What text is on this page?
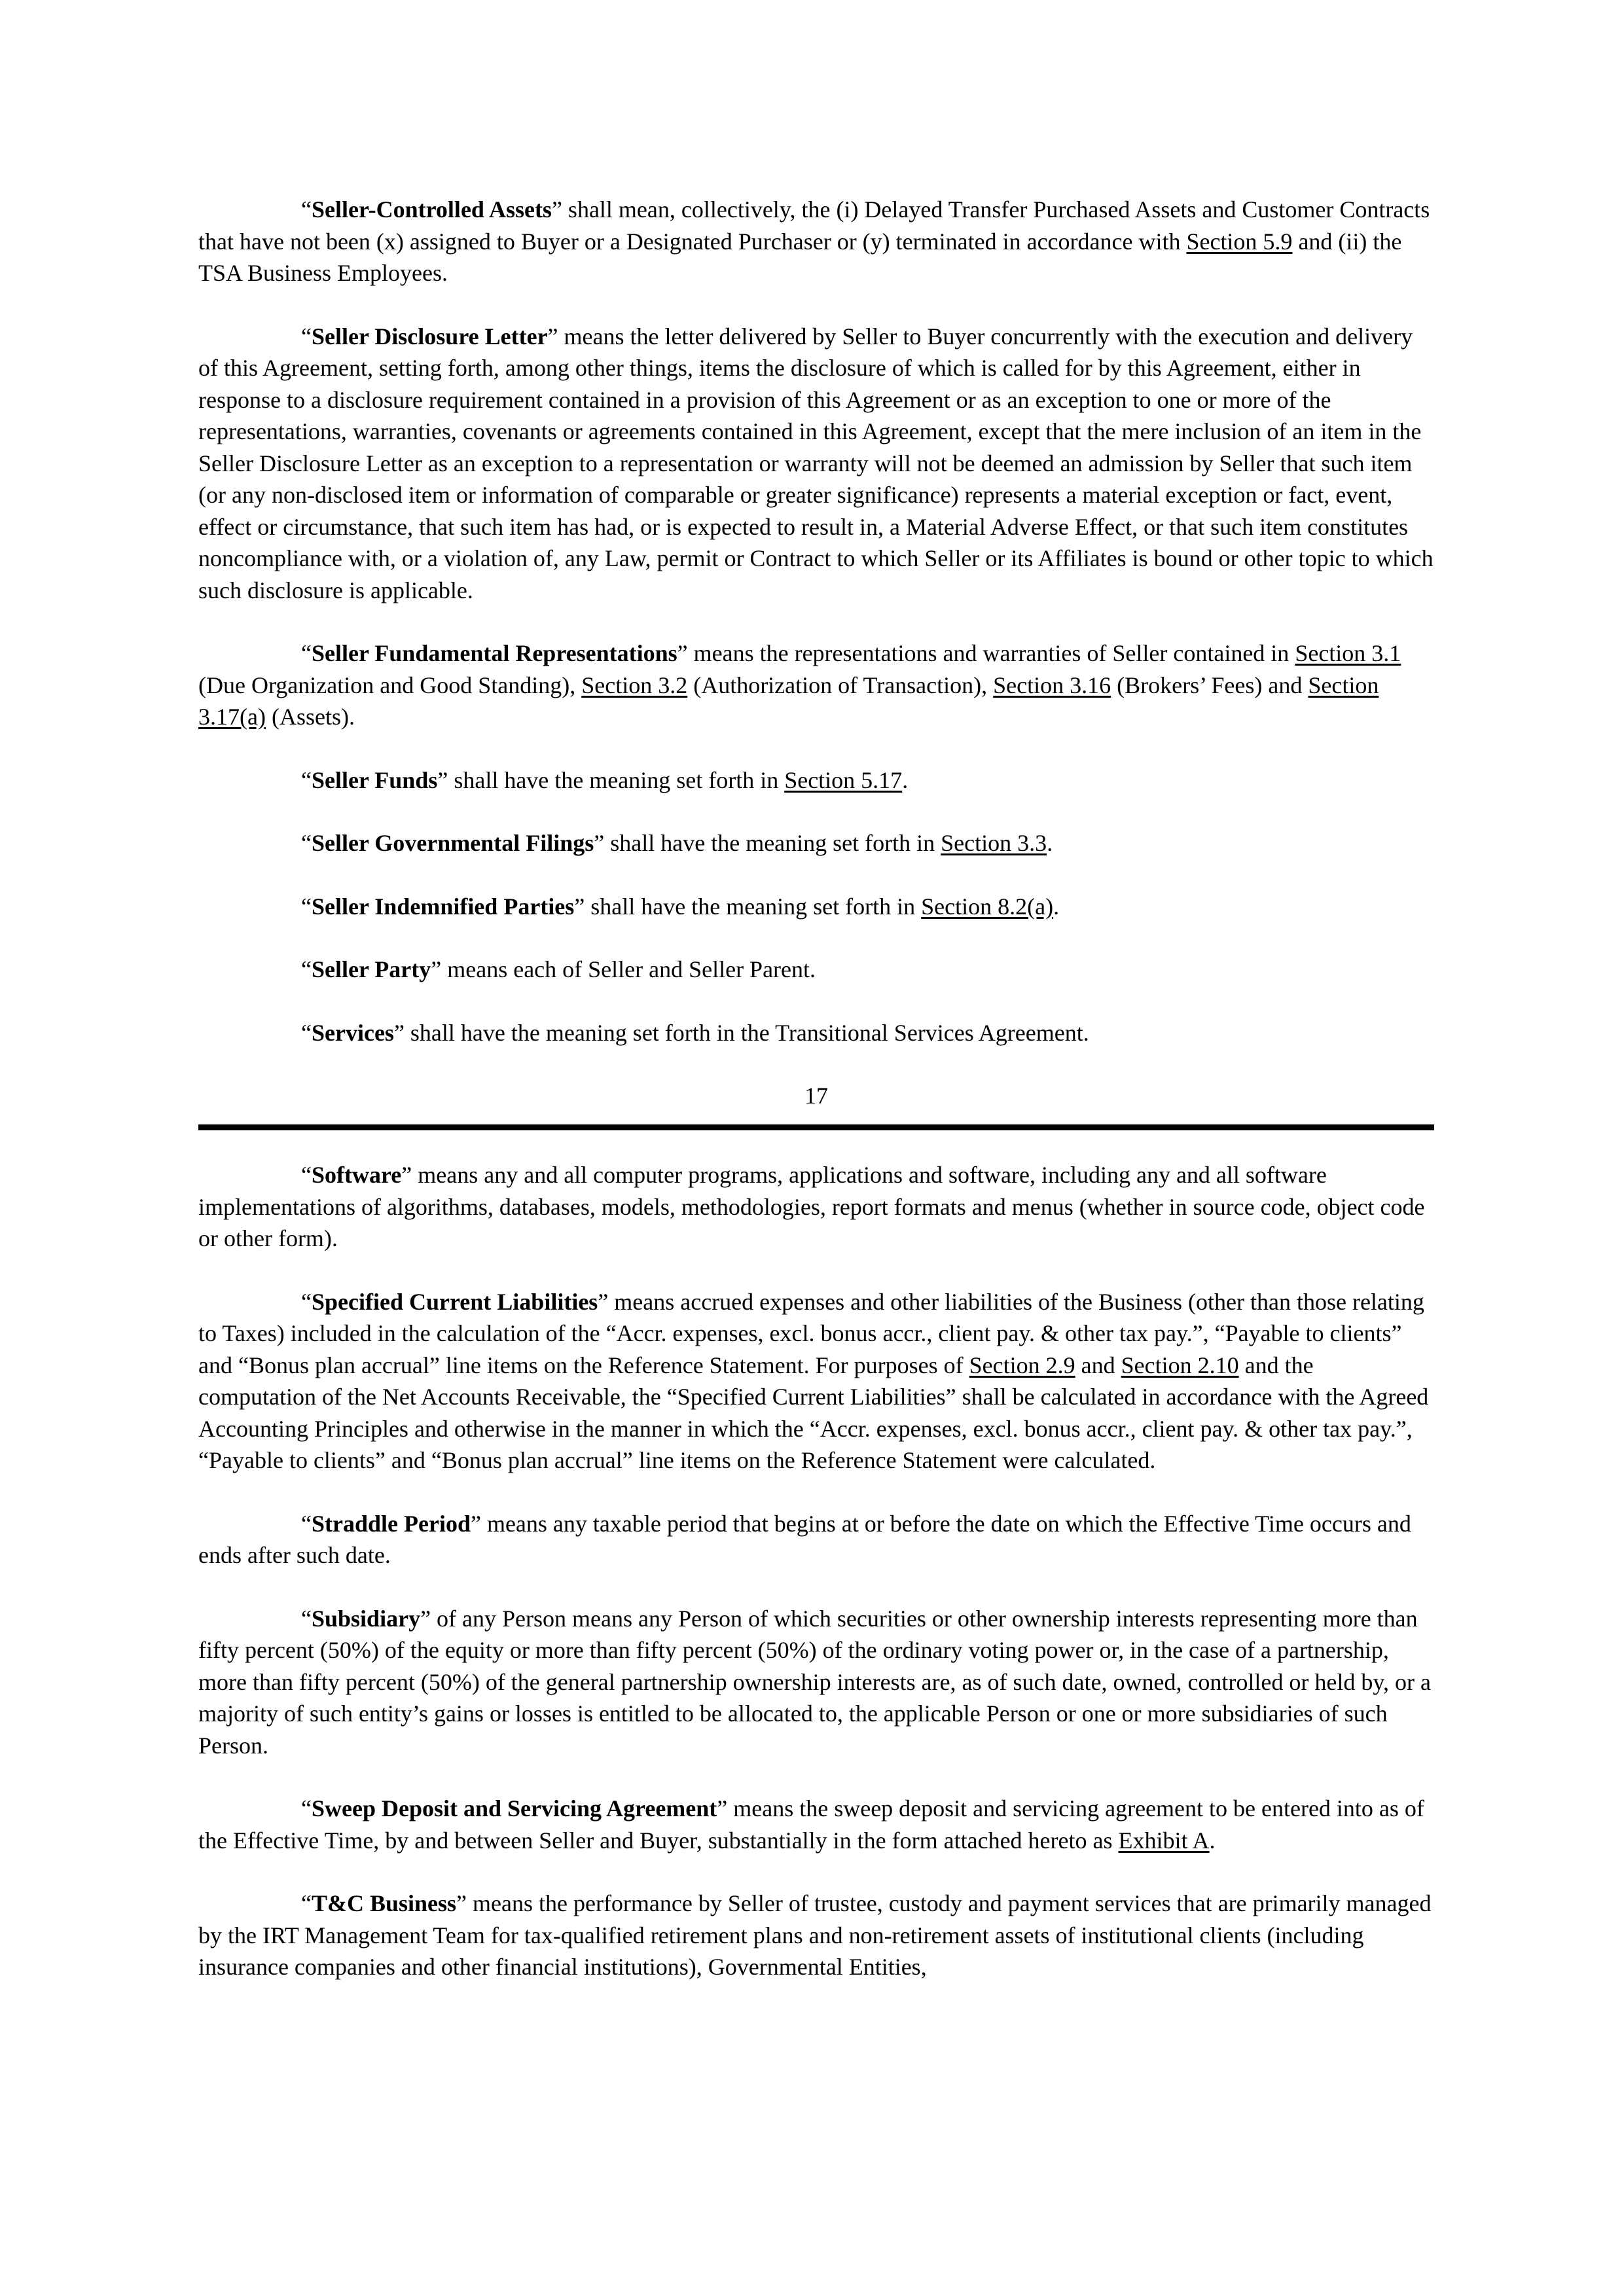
“Seller-Controlled Assets” shall mean, collectively, the (i) Delayed Transfer Purchased Assets and Customer Contracts that have not been (x) assigned to Buyer or a Designated Purchaser or (y) terminated in accordance with Section 5.9 and (ii) the TSA Business Employees.

“Seller Disclosure Letter” means the letter delivered by Seller to Buyer concurrently with the execution and delivery of this Agreement, setting forth, among other things, items the disclosure of which is called for by this Agreement, either in response to a disclosure requirement contained in a provision of this Agreement or as an exception to one or more of the representations, warranties, covenants or agreements contained in this Agreement, except that the mere inclusion of an item in the Seller Disclosure Letter as an exception to a representation or warranty will not be deemed an admission by Seller that such item (or any non-disclosed item or information of comparable or greater significance) represents a material exception or fact, event, effect or circumstance, that such item has had, or is expected to result in, a Material Adverse Effect, or that such item constitutes noncompliance with, or a violation of, any Law, permit or Contract to which Seller or its Affiliates is bound or other topic to which such disclosure is applicable.

“Seller Fundamental Representations” means the representations and warranties of Seller contained in Section 3.1 (Due Organization and Good Standing), Section 3.2 (Authorization of Transaction), Section 3.16 (Brokers’ Fees) and Section 3.17(a) (Assets).

“Seller Funds” shall have the meaning set forth in Section 5.17.

“Seller Governmental Filings” shall have the meaning set forth in Section 3.3.

“Seller Indemnified Parties” shall have the meaning set forth in Section 8.2(a).

“Seller Party” means each of Seller and Seller Parent.

“Services” shall have the meaning set forth in the Transitional Services Agreement.

17

“Software” means any and all computer programs, applications and software, including any and all software implementations of algorithms, databases, models, methodologies, report formats and menus (whether in source code, object code or other form).

“Specified Current Liabilities” means accrued expenses and other liabilities of the Business (other than those relating to Taxes) included in the calculation of the “Accr. expenses, excl. bonus accr., client pay. & other tax pay.”, “Payable to clients” and “Bonus plan accrual” line items on the Reference Statement. For purposes of Section 2.9 and Section 2.10 and the computation of the Net Accounts Receivable, the “Specified Current Liabilities” shall be calculated in accordance with the Agreed Accounting Principles and otherwise in the manner in which the “Accr. expenses, excl. bonus accr., client pay. & other tax pay.”, “Payable to clients” and “Bonus plan accrual” line items on the Reference Statement were calculated.

“Straddle Period” means any taxable period that begins at or before the date on which the Effective Time occurs and ends after such date.

“Subsidiary” of any Person means any Person of which securities or other ownership interests representing more than fifty percent (50%) of the equity or more than fifty percent (50%) of the ordinary voting power or, in the case of a partnership, more than fifty percent (50%) of the general partnership ownership interests are, as of such date, owned, controlled or held by, or a majority of such entity’s gains or losses is entitled to be allocated to, the applicable Person or one or more subsidiaries of such Person.

“Sweep Deposit and Servicing Agreement” means the sweep deposit and servicing agreement to be entered into as of the Effective Time, by and between Seller and Buyer, substantially in the form attached hereto as Exhibit A.

“T&C Business” means the performance by Seller of trustee, custody and payment services that are primarily managed by the IRT Management Team for tax-qualified retirement plans and non-retirement assets of institutional clients (including insurance companies and other financial institutions), Governmental Entities,
